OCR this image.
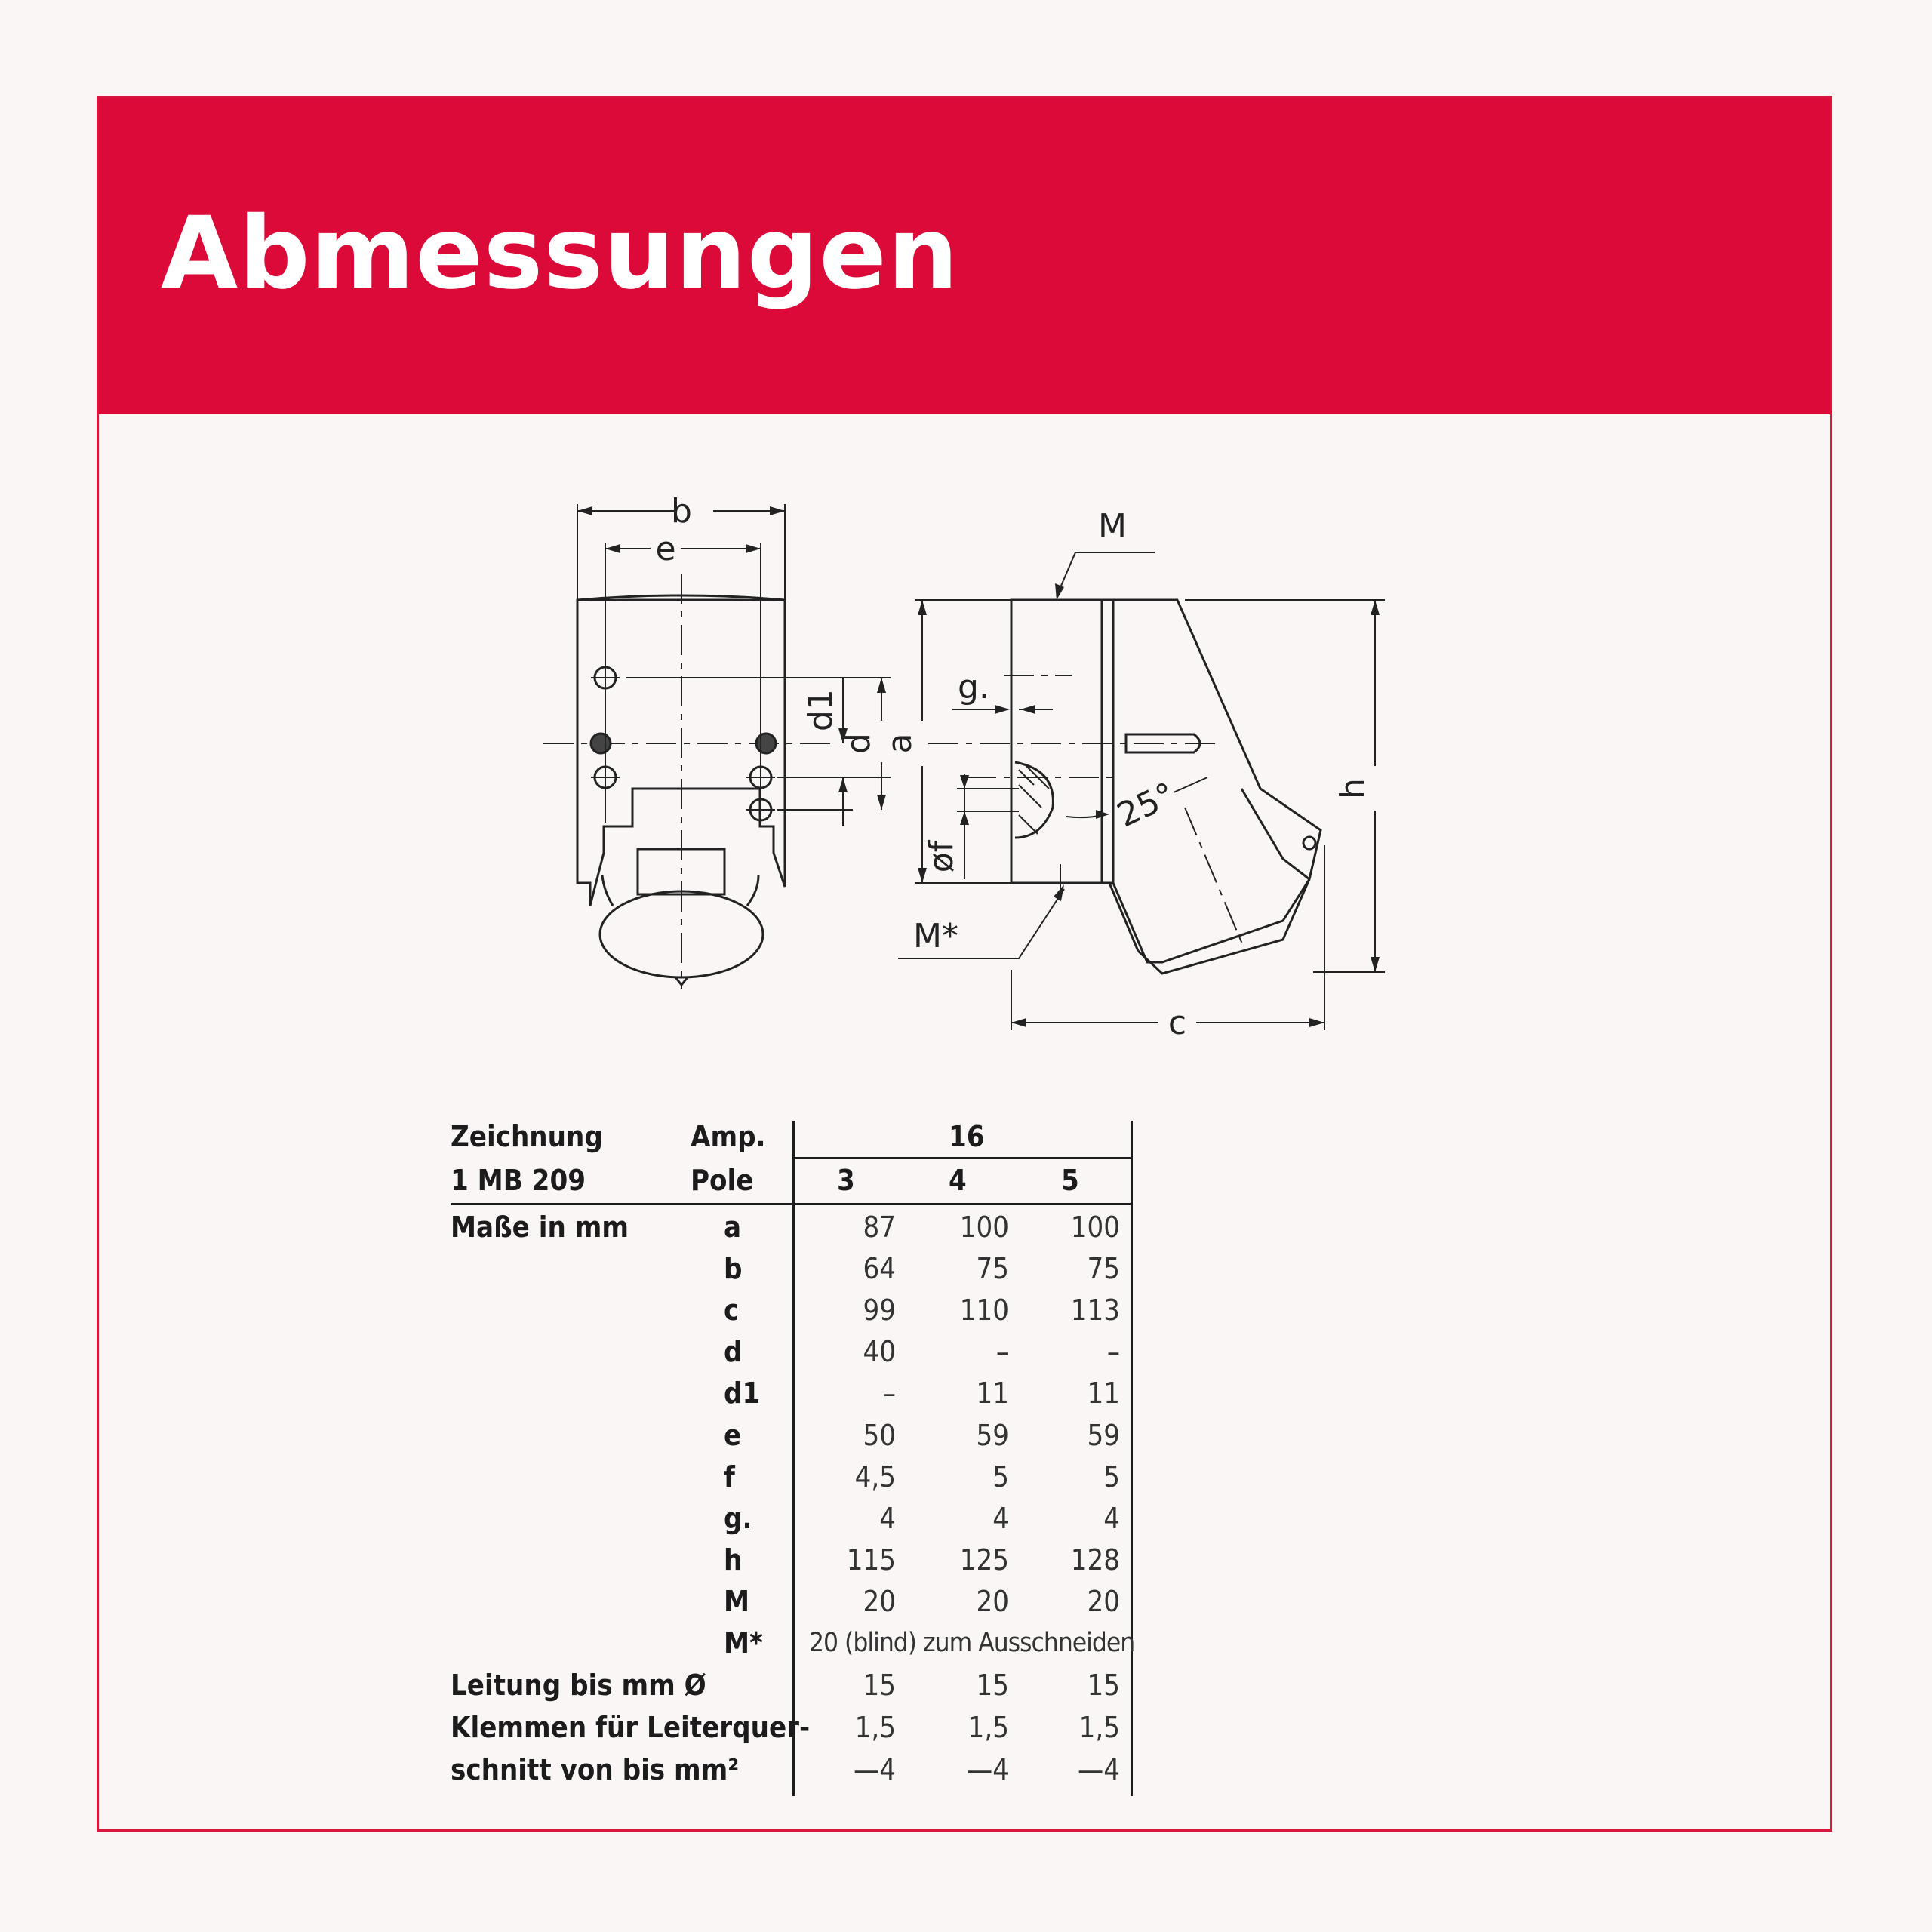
Abmessungen
b
e
d1
d a
M
g.
25°	h
øf
M*
c
Zeichnung	Amp.	16
1 MB 209	Pole	3	4	5
Maße in mm	a	87	100	100
b	64	75	75
c	99	110	113
d	40	–	–
d1	–	11	11
e	50	59	59
f	4,5	5	5
g.	4	4	4
h	115	125	128
M	20	20	20
M* 20 (blind) zum Ausschneiden
Leitung bis mm Ø	15	15	15
Klemmen für Leiterquer-	1,5	1,5	1,5
schnitt von bis mm²	—4	—4	—4
